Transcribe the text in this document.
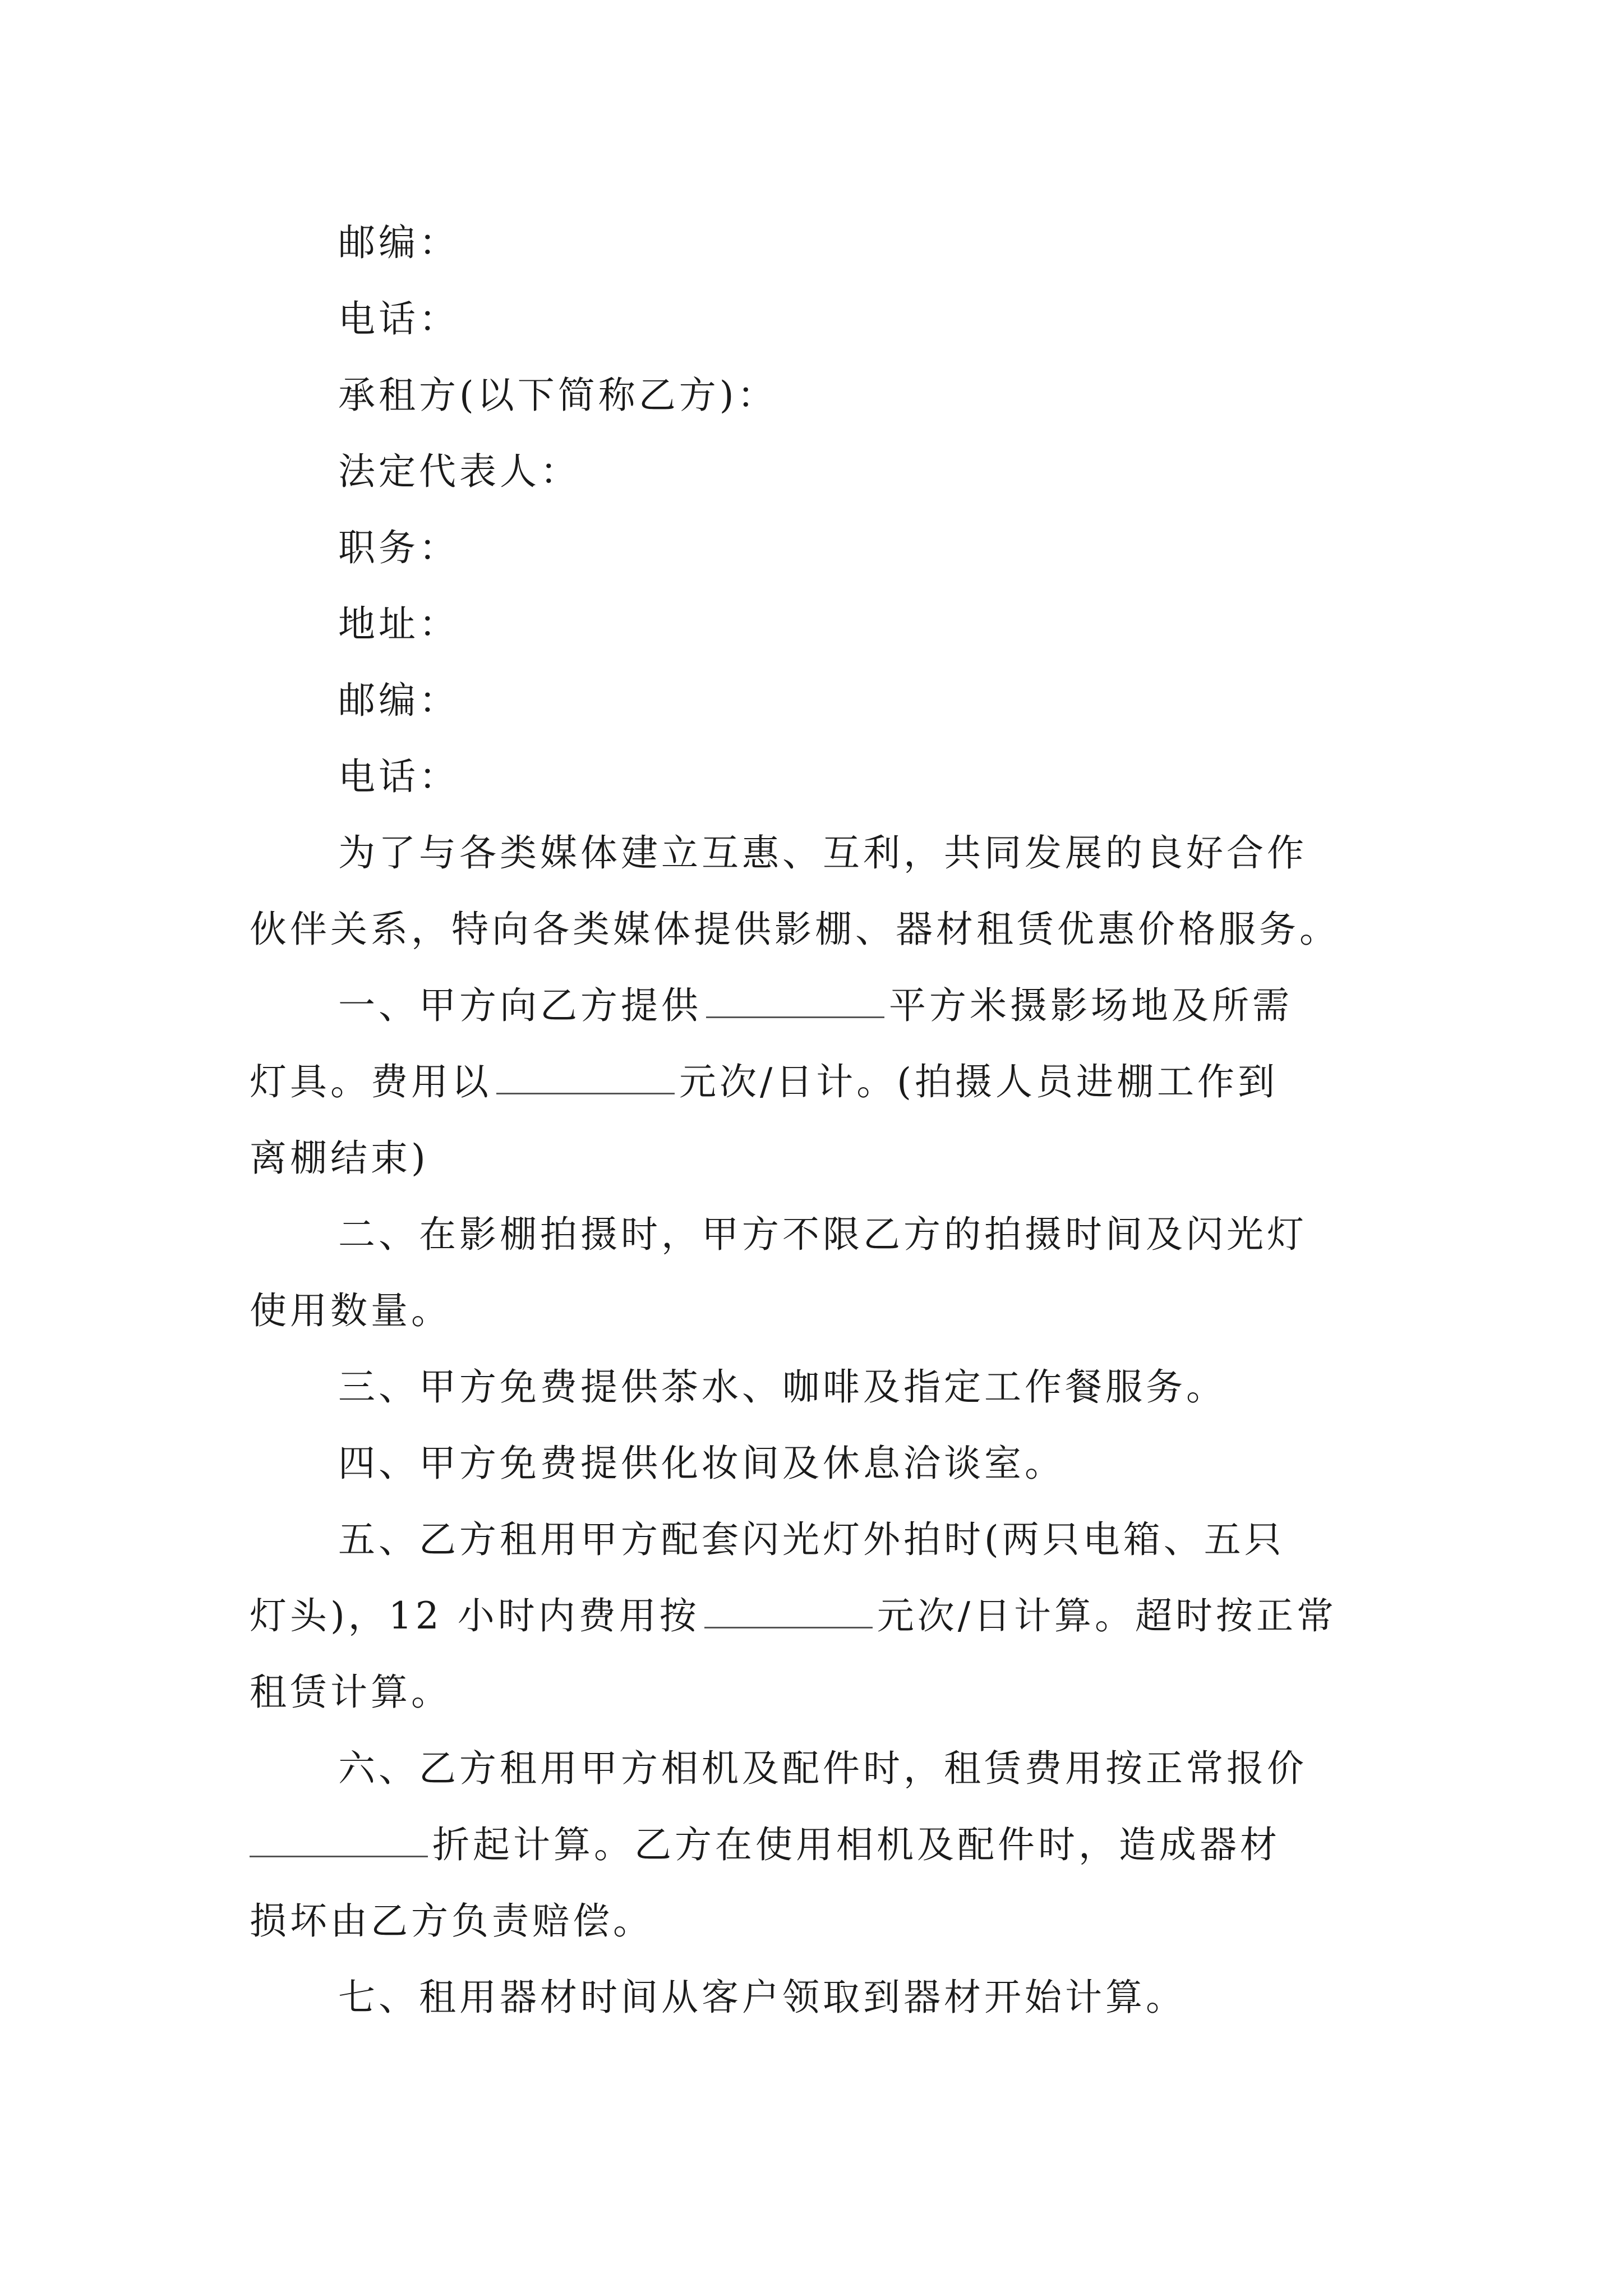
邮编：
电话：
承租方(以下简称乙方)：
法定代表人：
职务：
地址：
邮编：
电话：
为了与各类媒体建立互惠、互利，共同发展的良好合作
伙伴关系，特向各类媒体提供影棚、器材租赁优惠价格服务。
一、甲方向乙方提供	平方米摄影场地及所需
灯具。费用以	元次/日计。(拍摄人员进棚工作到
离棚结束)
二、在影棚拍摄时，甲方不限乙方的拍摄时间及闪光灯
使用数量。
三、甲方免费提供茶水、咖啡及指定工作餐服务。
四、甲方免费提供化妆间及休息洽谈室。
五、乙方租用甲方配套闪光灯外拍时(两只电箱、五只
灯头)，12 小时内费用按	元次/日计算。超时按正常
租赁计算。
六、乙方租用甲方相机及配件时，租赁费用按正常报价
折起计算。乙方在使用相机及配件时，造成器材
损坏由乙方负责赔偿。
七、租用器材时间从客户领取到器材开始计算。
